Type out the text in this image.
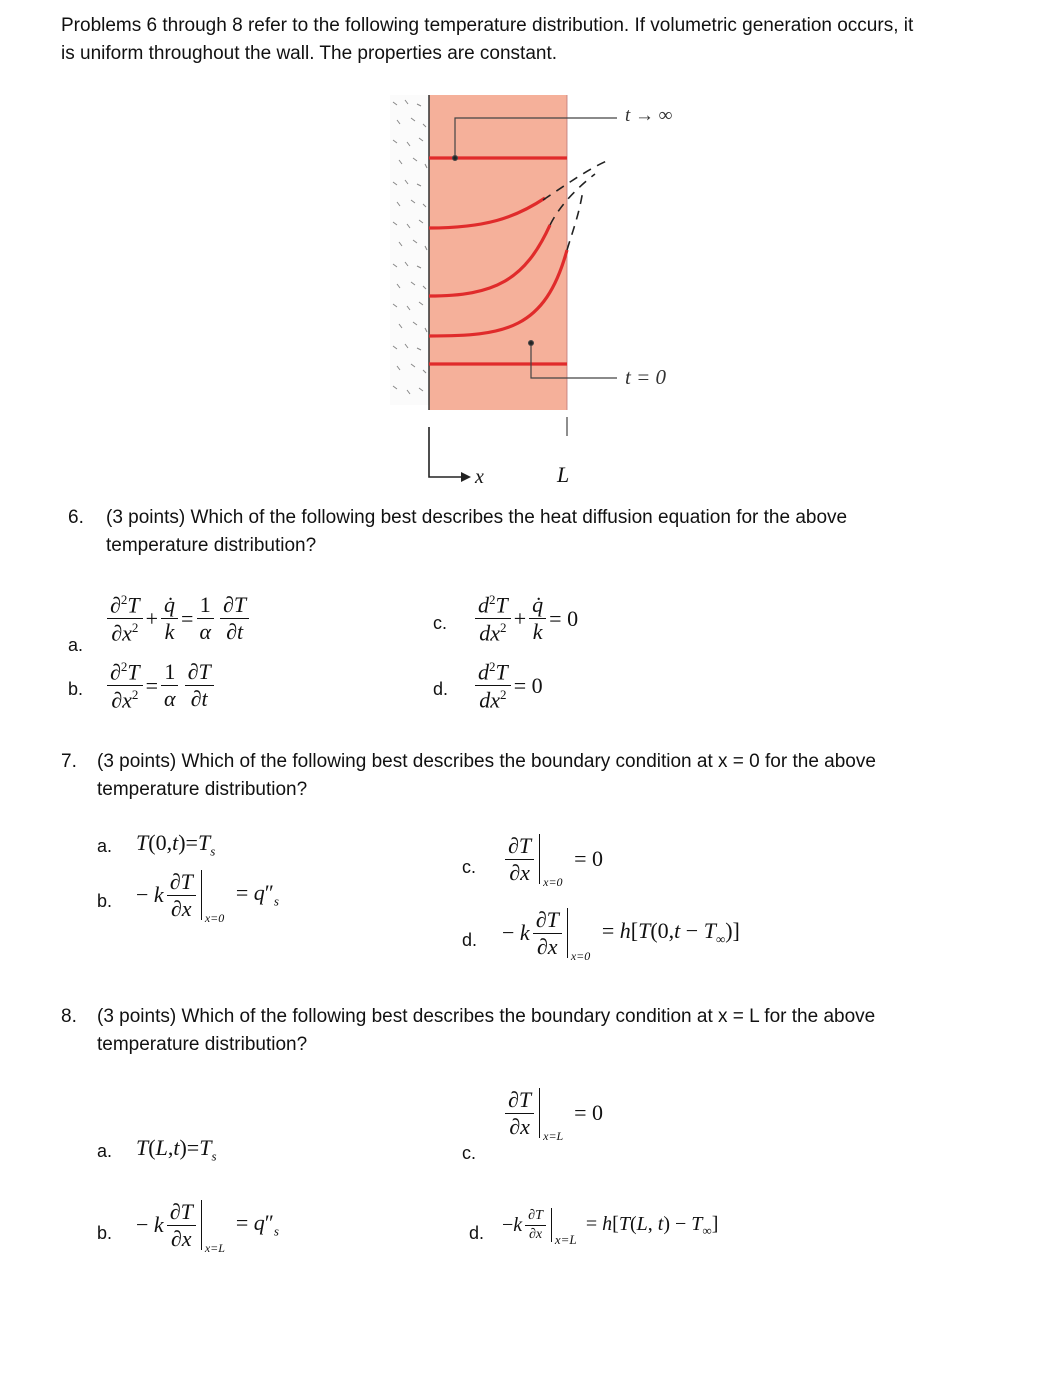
Problems 6 through 8 refer to the following temperature distribution. If volumetric generation occurs, it
is uniform throughout the wall. The properties are constant.
t → ∞
t = 0
x	L
6. (3 points) Which of the following best describes the heat diffusion equation for the above
temperature distribution?
a.
$\frac{\partial^2T}{\partial x^2} + \frac{q̇}{k} = \frac{1}{\alpha} \frac{\partial T}{\partial t}$
b. $\frac{\partial^2T}{\partial x^2} = \frac{1}{\alpha} \frac{\partial T}{\partial t}$
c. $\frac{d^2T}{dx^2} + \frac{q̇}{k} = 0$
d. $\frac{d^2T}{dx^2} = 0$
7. (3 points) Which of the following best describes the boundary condition at x = 0 for the above
temperature distribution?
a. $T(0,t)=T_s$
b. − k $\frac{\partial T}{\partial x} x=0$
= $q''_s$
c. $\frac{\partial T}{\partial x} x=0$
= 0
d. − k $\frac{\partial T}{\partial x} x=0$
= $h[T(0,t - T_\infty)]$
8. (3 points) Which of the following best describes the boundary condition at x = L for the above
temperature distribution?
a. $T(L,t)=T_s$	c.
$\frac{\partial T}{\partial x} x=L$
= 0
b. − k $\frac{\partial T}{\partial x} x=L$
= $q''_s$	d. $-k \frac{\partial T}{\partial x} x=L$
= h[T(L, $t) - T_\infty$]
